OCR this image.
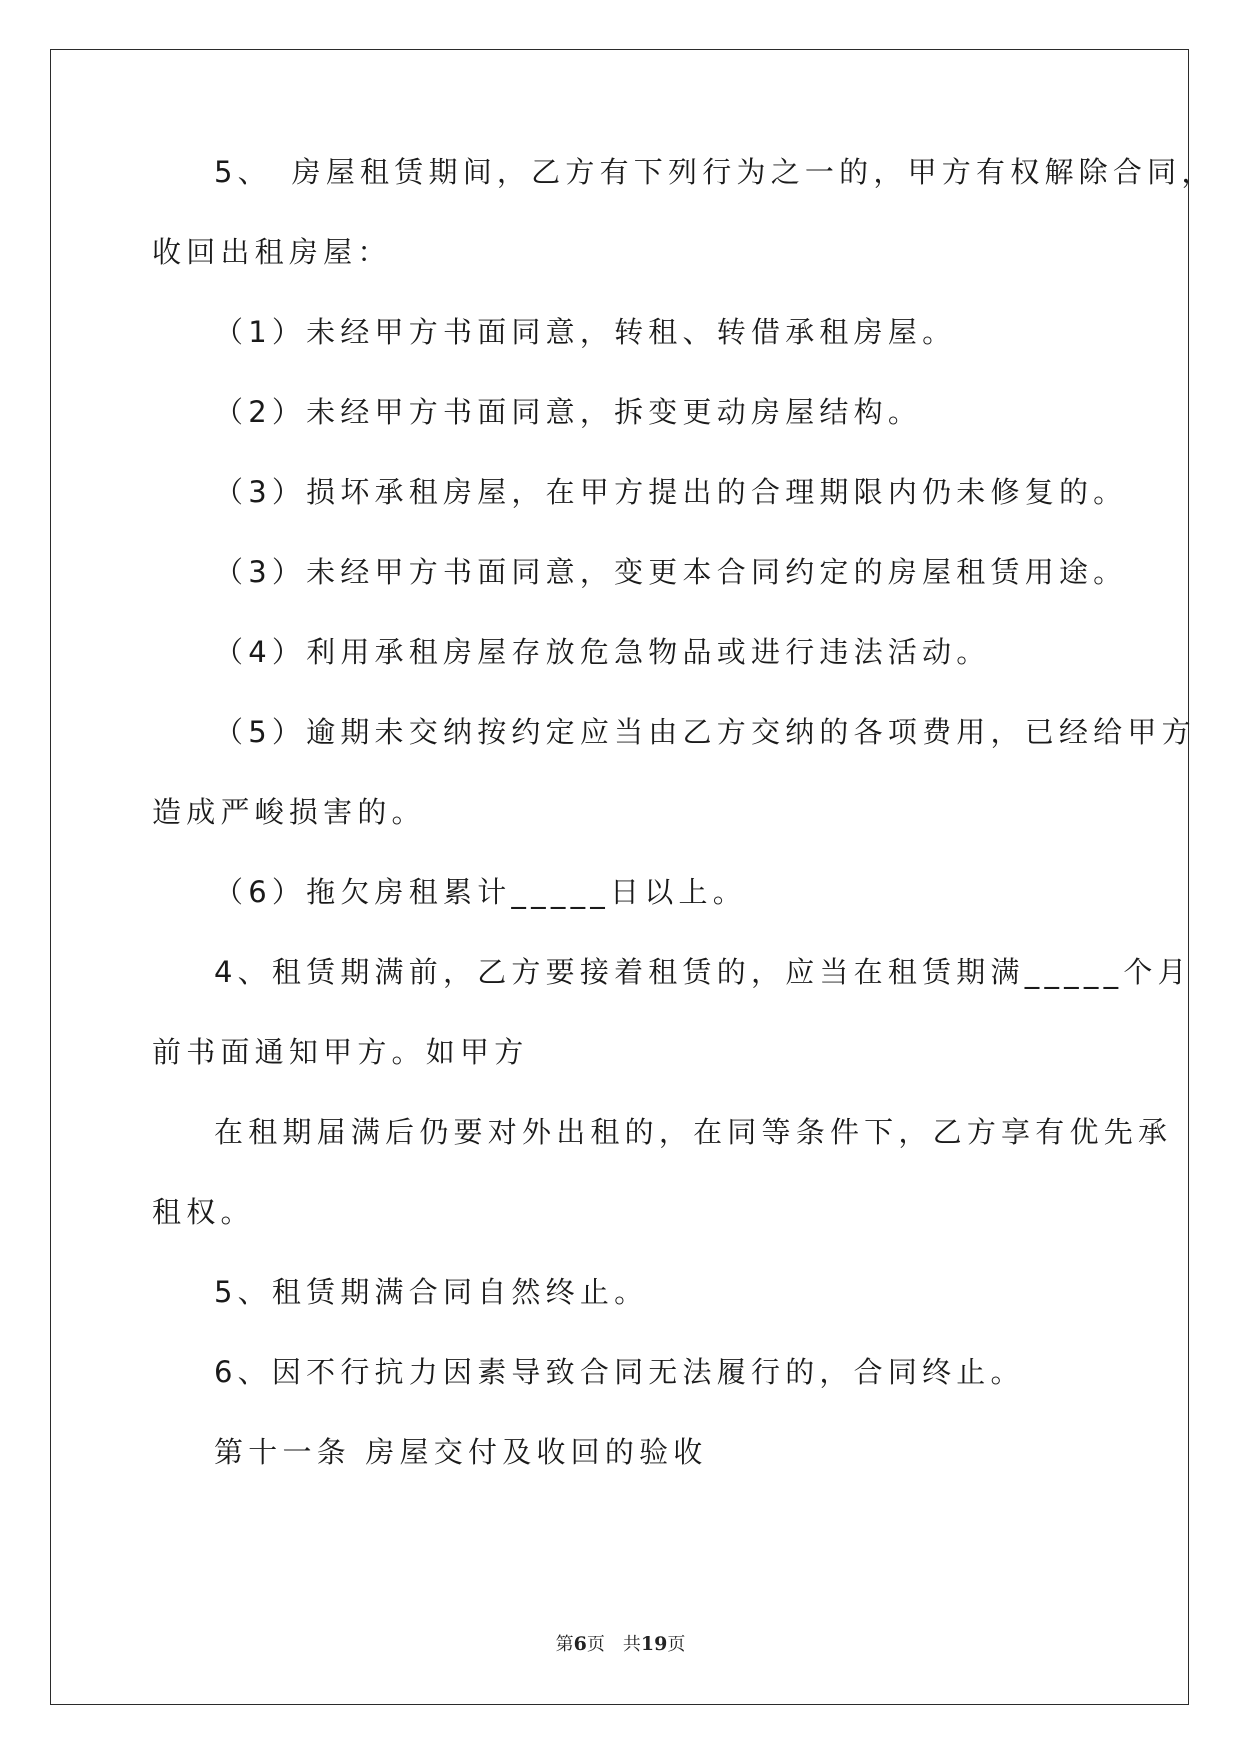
5、　房屋租赁期间，乙方有下列行为之一的，甲方有权解除合同，

收回出租房屋：

（1）未经甲方书面同意，转租、转借承租房屋。

（2）未经甲方书面同意，拆变更动房屋结构。

（3）损坏承租房屋，在甲方提出的合理期限内仍未修复的。

（3）未经甲方书面同意，变更本合同约定的房屋租赁用途。

（4）利用承租房屋存放危急物品或进行违法活动。

（5）逾期未交纳按约定应当由乙方交纳的各项费用，已经给甲方

造成严峻损害的。

（6）拖欠房租累计_____日以上。

4、租赁期满前，乙方要接着租赁的，应当在租赁期满_____个月

前书面通知甲方。如甲方

在租期届满后仍要对外出租的，在同等条件下，乙方享有优先承

租权。

5、租赁期满合同自然终止。

6、因不行抗力因素导致合同无法履行的，合同终止。

第十一条 房屋交付及收回的验收

第6页 共19页
